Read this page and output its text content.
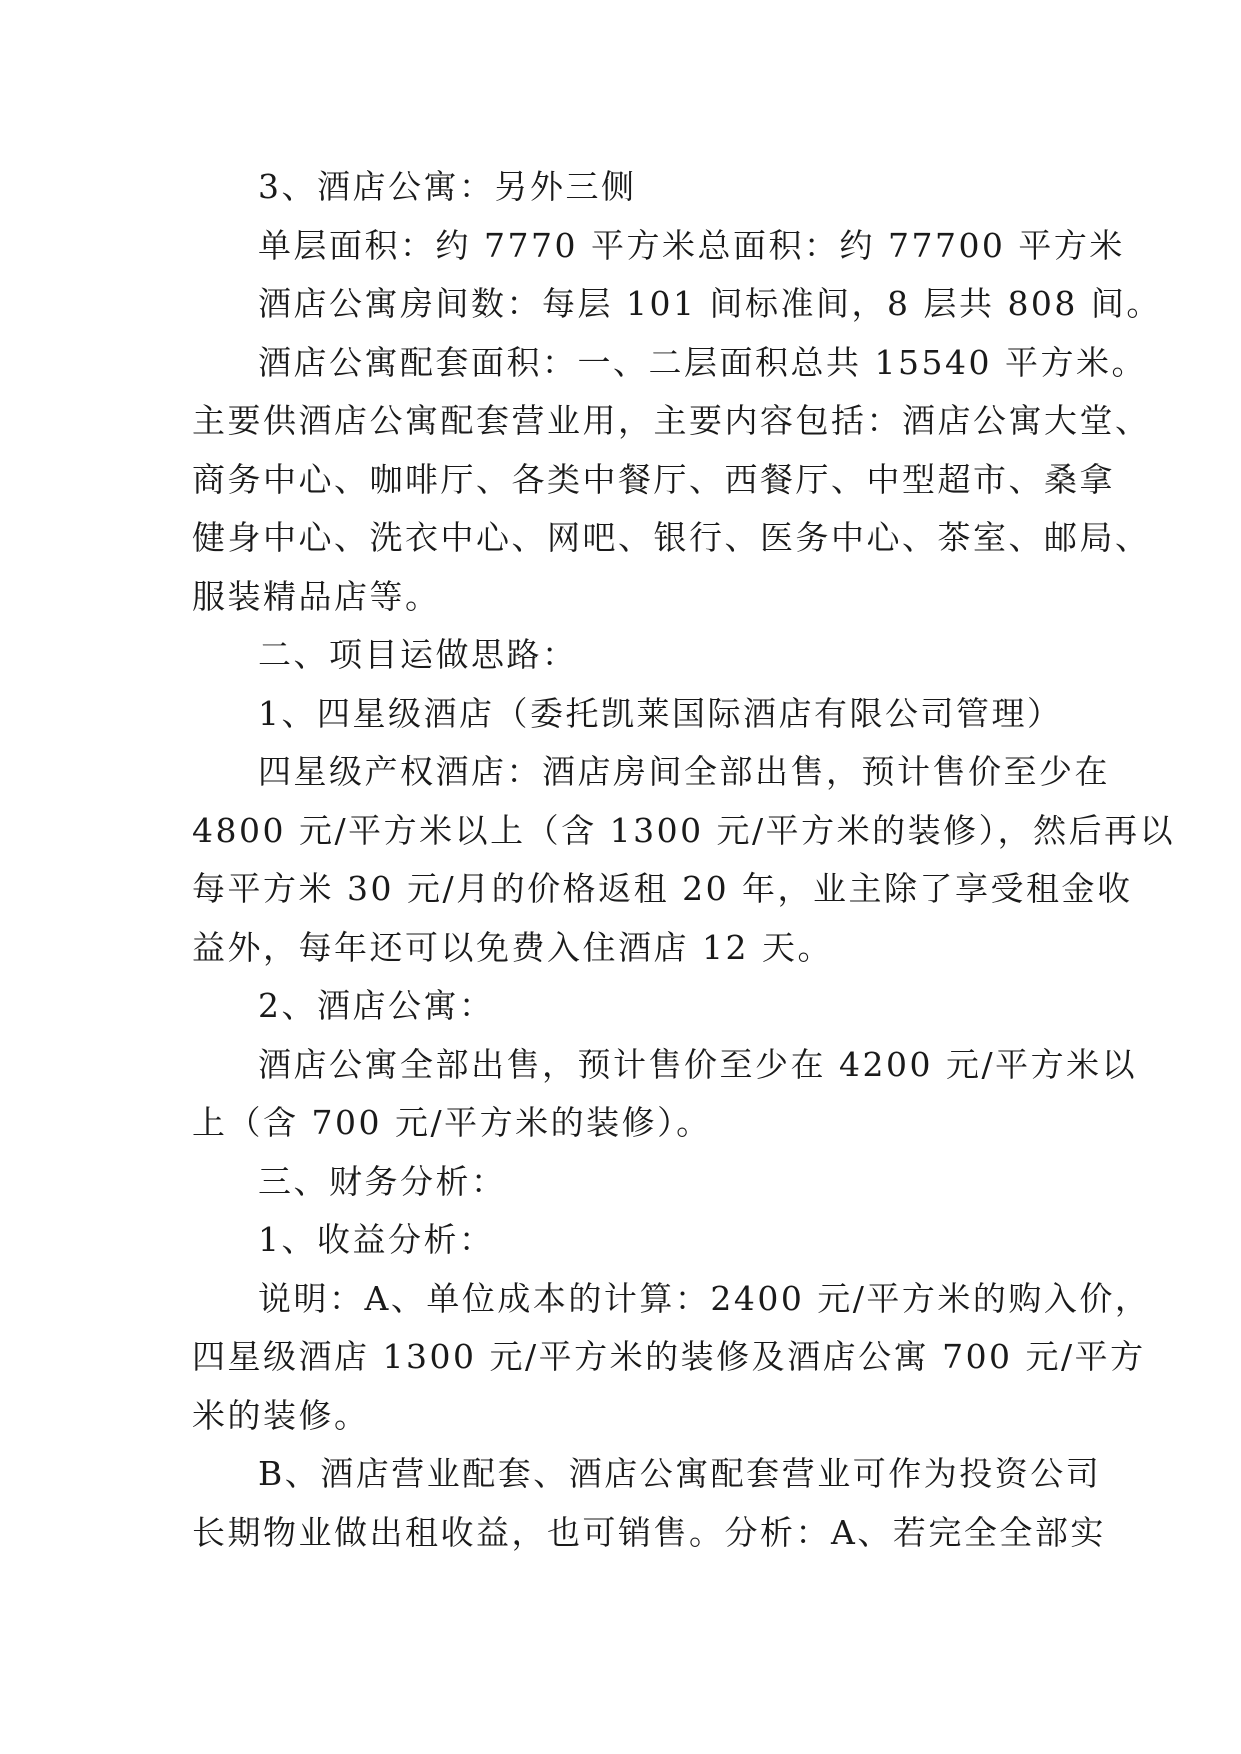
3、酒店公寓：另外三侧
单层面积：约 7770 平方米总面积：约 77700 平方米
酒店公寓房间数：每层 101 间标准间，8 层共 808 间。
酒店公寓配套面积：一、二层面积总共 15540 平方米。
主要供酒店公寓配套营业用，主要内容包括：酒店公寓大堂、
商务中心、咖啡厅、各类中餐厅、西餐厅、中型超市、桑拿
健身中心、洗衣中心、网吧、银行、医务中心、茶室、邮局、
服装精品店等。
二、项目运做思路：
1、四星级酒店（委托凯莱国际酒店有限公司管理）
四星级产权酒店：酒店房间全部出售，预计售价至少在
4800 元/平方米以上（含 1300 元/平方米的装修），然后再以
每平方米 30 元/月的价格返租 20 年，业主除了享受租金收
益外，每年还可以免费入住酒店 12 天。
2、酒店公寓：
酒店公寓全部出售，预计售价至少在 4200 元/平方米以
上（含 700 元/平方米的装修）。
三、财务分析：
1、收益分析：
说明：A、单位成本的计算：2400 元/平方米的购入价，
四星级酒店 1300 元/平方米的装修及酒店公寓 700 元/平方
米的装修。
B、酒店营业配套、酒店公寓配套营业可作为投资公司
长期物业做出租收益，也可销售。分析：A、若完全全部实
